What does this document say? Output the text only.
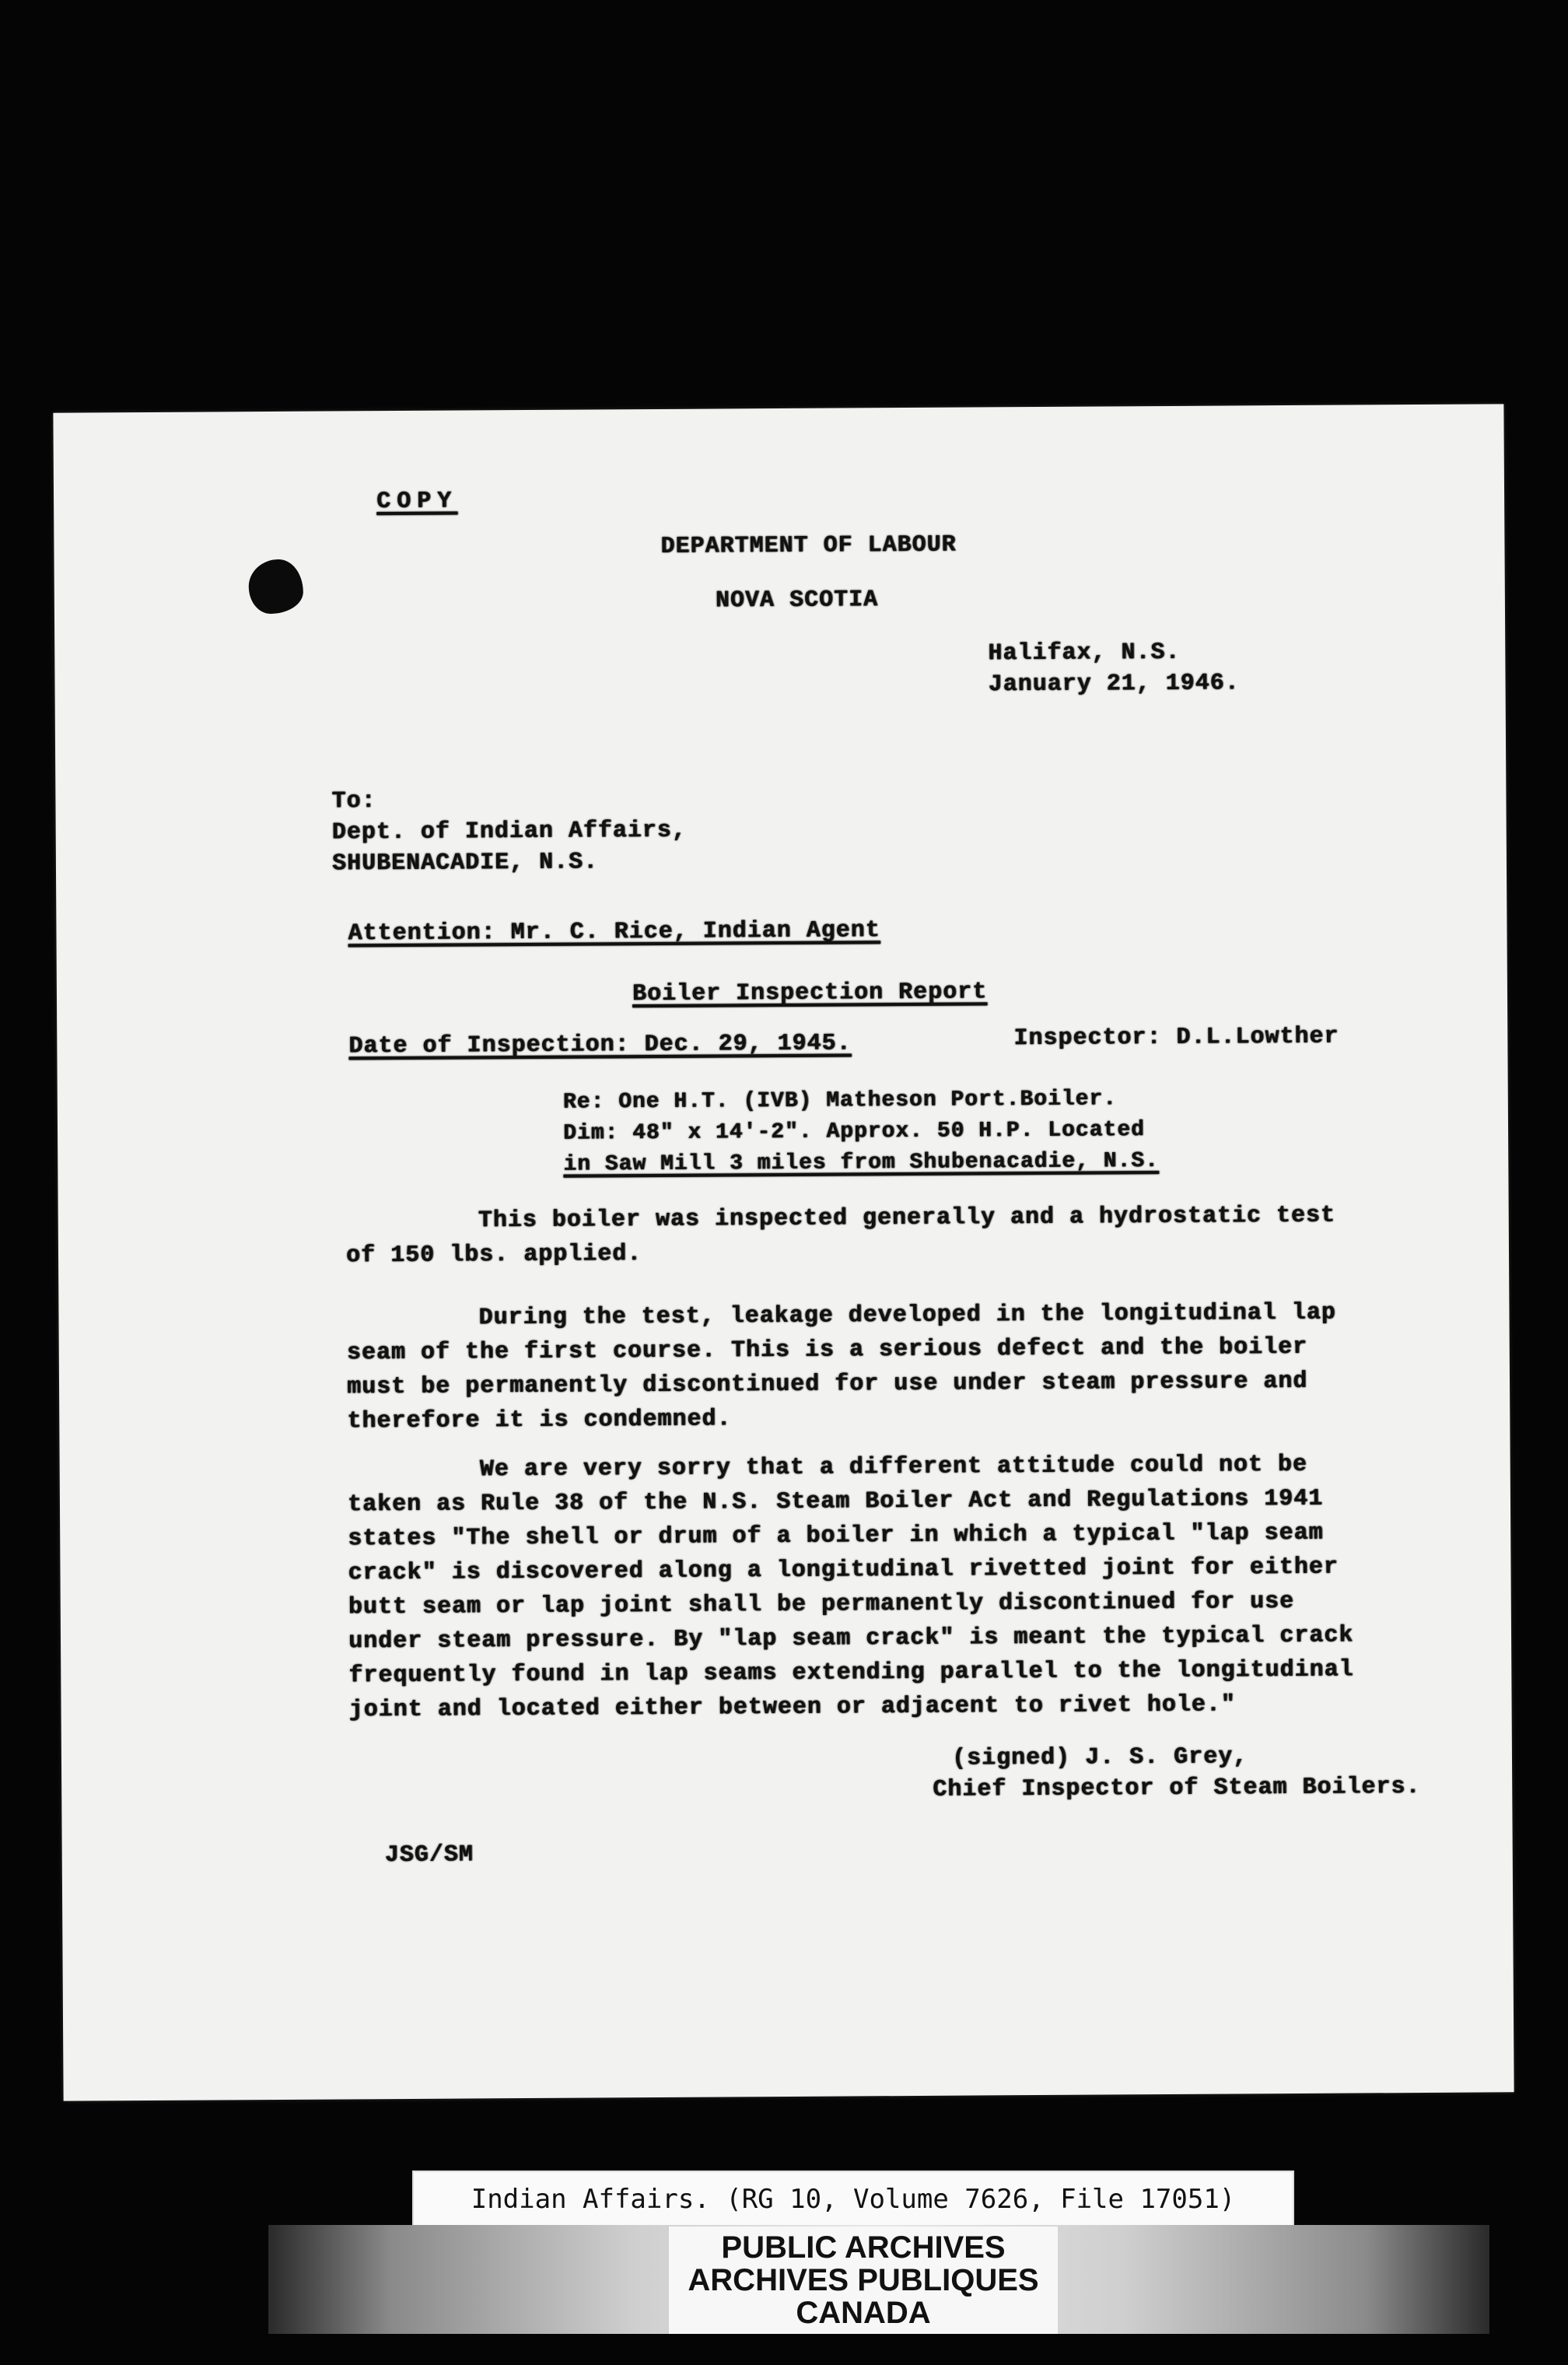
COPY
DEPARTMENT OF LABOUR
NOVA SCOTIA
Halifax, N.S.
January 21, 1946.
To:
Dept. of Indian Affairs,
SHUBENACADIE, N.S.
Attention: Mr. C. Rice, Indian Agent
Boiler Inspection Report
Date of Inspection: Dec. 29, 1945.	Inspector: D.L.Lowther
Re: One H.T. (IVB) Matheson Port.Boiler.
Dim: 48" x 14'-2". Approx. 50 H.P. Located
in Saw Mill 3 miles from Shubenacadie, N.S.
This boiler was inspected generally and a hydrostatic test
of 150 lbs. applied.
During the test, leakage developed in the longitudinal lap
seam of the first course. This is a serious defect and the boiler
must be permanently discontinued for use under steam pressure and
therefore it is condemned.
We are very sorry that a different attitude could not be
taken as Rule 38 of the N.S. Steam Boiler Act and Regulations 1941
states "The shell or drum of a boiler in which a typical "lap seam
crack" is discovered along a longitudinal rivetted joint for either
butt seam or lap joint shall be permanently discontinued for use
under steam pressure. By "lap seam crack" is meant the typical crack
frequently found in lap seams extending parallel to the longitudinal
joint and located either between or adjacent to rivet hole."
(signed) J. S. Grey,
Chief Inspector of Steam Boilers.
JSG/SM
Indian Affairs. (RG 10, Volume 7626, File 17051)
PUBLIC ARCHIVES
ARCHIVES PUBLIQUES
CANADA
